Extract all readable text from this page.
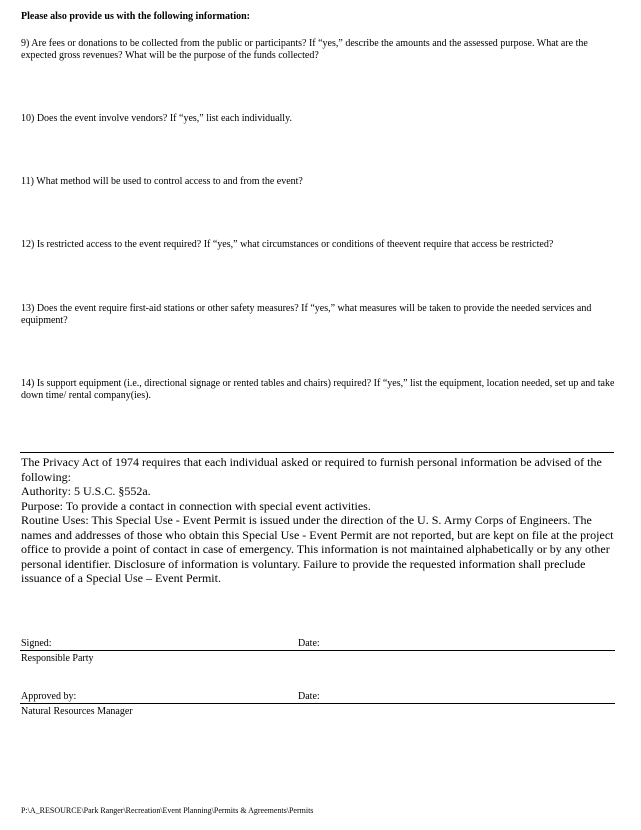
Please also provide us with the following information:
9) Are fees or donations to be collected from the public or participants? If “yes,” describe the amounts and the assessed purpose. What are the expected gross revenues? What will be the purpose of the funds collected?
10) Does the event involve vendors? If “yes,” list each individually.
11) What method will be used to control access to and from the event?
12) Is restricted access to the event required? If “yes,” what circumstances or conditions of theevent require that access be restricted?
13) Does the event require first-aid stations or other safety measures? If “yes,” what measures will be taken to provide the needed services and equipment?
14) Is support equipment (i.e., directional signage or rented tables and chairs) required? If “yes,” list the equipment, location needed, set up and take down time/ rental company(ies).

The Privacy Act of 1974 requires that each individual asked or required to furnish personal information be advised of the following:

Authority: 5 U.S.C. §552a.

Purpose: To provide a contact in connection with special event activities.

Routine Uses: This Special Use - Event Permit is issued under the direction of the U. S. Army Corps of Engineers. The names and addresses of those who obtain this Special Use - Event Permit are not reported, but are kept on file at the project office to provide a point of contact in case of emergency. This information is not maintained alphabetically or by any other personal identifier. Disclosure of information is voluntary. Failure to provide the requested information shall preclude issuance of a Special Use – Event Permit.

Signed:	Date:
Responsible Party
Approved by:	Date:
Natural Resources Manager
P:\A_RESOURCE\Park Ranger\Recreation\Event Planning\Permits & Agreements\Permits
